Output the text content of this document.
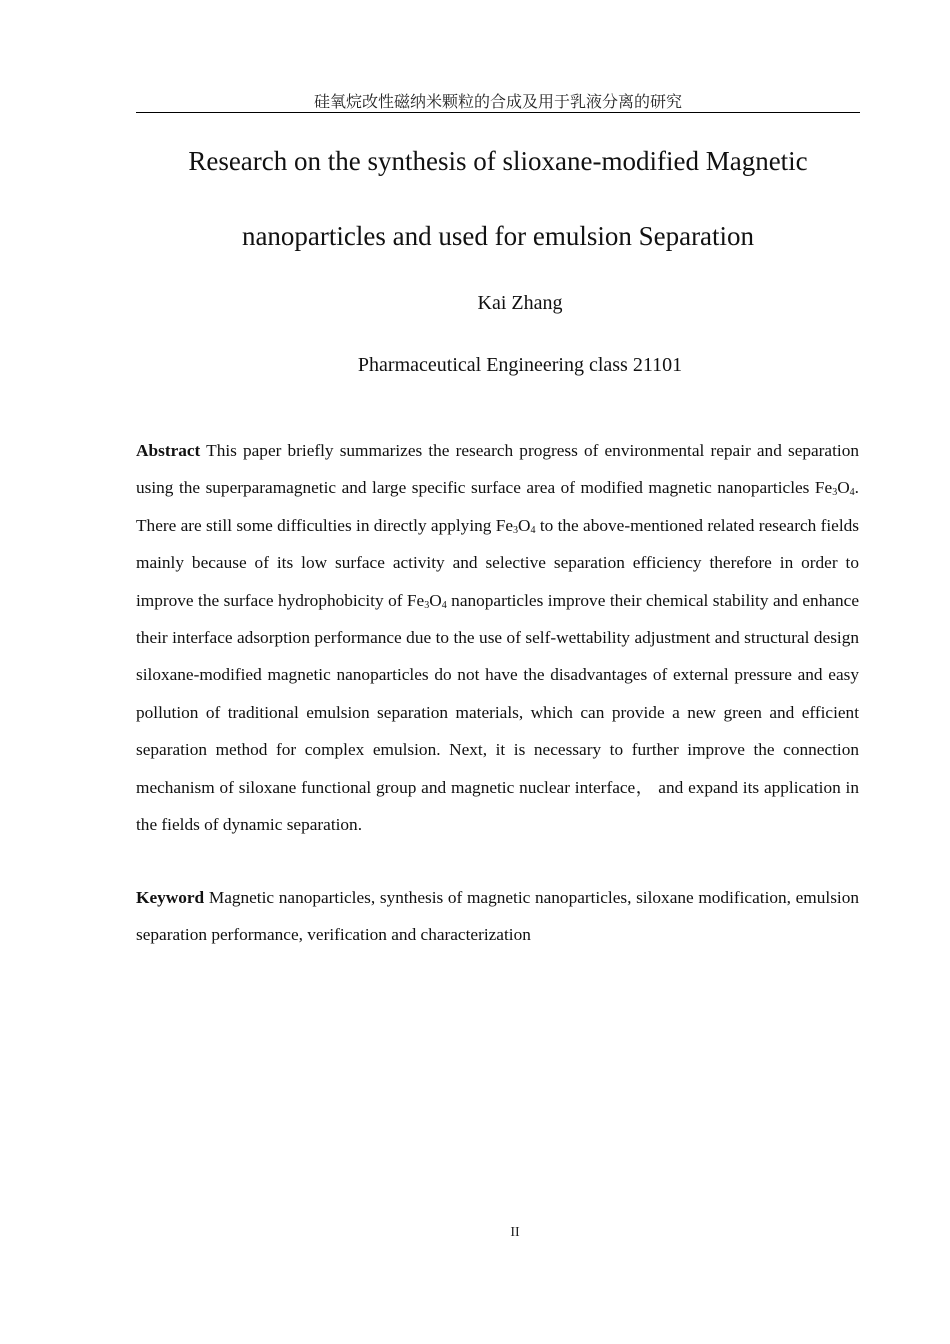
硅氧烷改性磁纳米颗粒的合成及用于乳液分离的研究
Research on the synthesis of slioxane-modified Magnetic
nanoparticles and used for emulsion Separation
Kai Zhang
Pharmaceutical Engineering class 21101

Abstract This paper briefly summarizes the research progress of environmental repair and separation using the superparamagnetic and large specific surface area of modified magnetic nanoparticles $Fe_3O_4$. There are still some difficulties in directly applying $Fe_3O_4$ to the above-mentioned related research fields mainly because of its low surface activity and selective separation efficiency therefore in order to improve the surface hydrophobicity of $Fe_3O_4$ nanoparticles improve their chemical stability and enhance their interface adsorption performance due to the use of self-wettability adjustment and structural design siloxane-modified magnetic nanoparticles do not have the disadvantages of external pressure and easy pollution of traditional emulsion separation materials, which can provide a new green and efficient separation method for complex emulsion. Next, it is necessary to further improve the connection mechanism of siloxane functional group and magnetic nuclear interface， and expand its application in the fields of dynamic separation.

Keyword Magnetic nanoparticles, synthesis of magnetic nanoparticles, siloxane modification, emulsion separation performance, verification and characterization

II
